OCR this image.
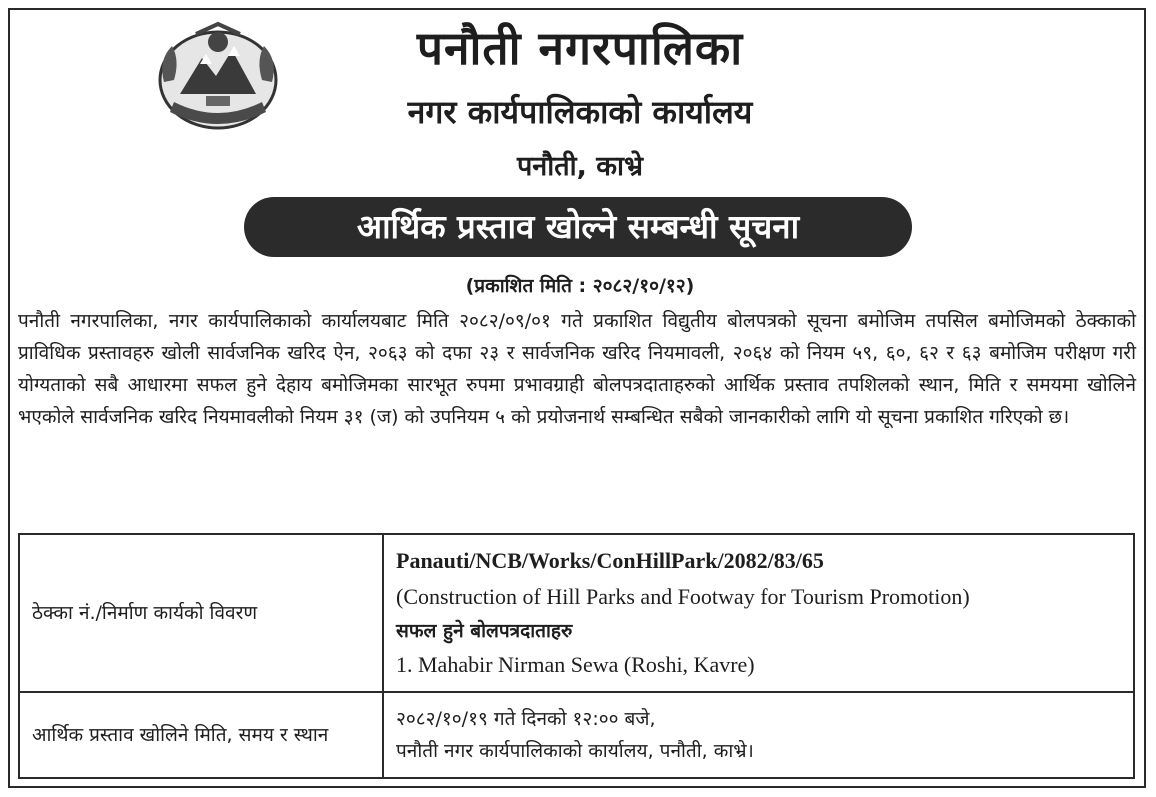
पनौती नगरपालिका
नगर कार्यपालिकाको कार्यालय
पनौती, काभ्रे
आर्थिक प्रस्ताव खोल्ने सम्बन्धी सूचना
(प्रकाशित मिति : २०८२/१०/१२)

पनौती नगरपालिका, नगर कार्यपालिकाको कार्यालयबाट मिति २०८२/०९/०१ गते प्रकाशित विद्युतीय बोलपत्रको सूचना बमोजिम तपसिल बमोजिमको ठेक्काको प्राविधिक प्रस्तावहरु खोली सार्वजनिक खरिद ऐन, २०६३ को दफा २३ र सार्वजनिक खरिद नियमावली, २०६४ को नियम ५९, ६०, ६२ र ६३ बमोजिम परीक्षण गरी योग्यताको सबै आधारमा सफल हुने देहाय बमोजिमका सारभूत रुपमा प्रभावग्राही बोलपत्रदाताहरुको आर्थिक प्रस्ताव तपशिलको स्थान, मिति र समयमा खोलिने भएकोले सार्वजनिक खरिद नियमावलीको नियम ३१ (ज) को उपनियम ५ को प्रयोजनार्थ सम्बन्धित सबैको जानकारीको लागि यो सूचना प्रकाशित गरिएको छ।

ठेक्का नं./निर्माण कार्यको विवरण	Panauti/NCB/Works/ConHillPark/2082/83/65
(Construction of Hill Parks and Footway for Tourism Promotion)
सफल हुने बोलपत्रदाताहरु
1. Mahabir Nirman Sewa (Roshi, Kavre)

आर्थिक प्रस्ताव खोलिने मिति, समय र स्थान	२०८२/१०/१९ गते दिनको १२:०० बजे,
पनौती नगर कार्यपालिकाको कार्यालय, पनौती, काभ्रे।
